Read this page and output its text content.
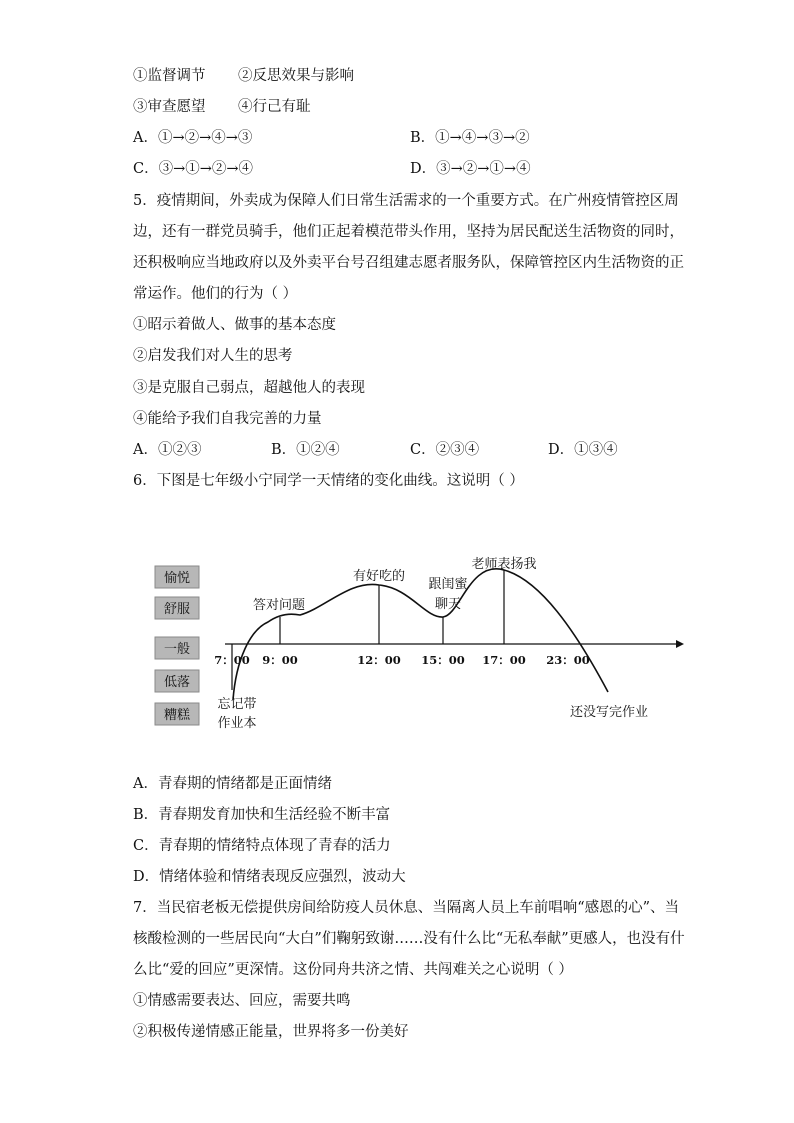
①监督调节 ②反思效果与影响
③审查愿望 ④行己有耻
A．①→②→④→③	B．①→④→③→②
C．③→①→②→④	D．③→②→①→④
5．疫情期间，外卖成为保障人们日常生活需求的一个重要方式。在广州疫情管控区周
边，还有一群党员骑手，他们正起着模范带头作用，坚持为居民配送生活物资的同时，
还积极响应当地政府以及外卖平台号召组建志愿者服务队，保障管控区内生活物资的正
常运作。他们的行为（ ）
①昭示着做人、做事的基本态度
②启发我们对人生的思考
③是克服自己弱点，超越他人的表现
④能给予我们自我完善的力量
A．①②③	B．①②④	C．②③④	D．①③④
6．下图是七年级小宁同学一天情绪的变化曲线。这说明（ ）
愉悦
舒服
一般
低落
糟糕
7：00 9：00	12：00 15：00 17：00 23：00
忘记带
作业本
答对问题
有好吃的
跟闺蜜
聊天
老师表扬我
还没写完作业
A．青春期的情绪都是正面情绪
B．青春期发育加快和生活经验不断丰富
C．青春期的情绪特点体现了青春的活力
D．情绪体验和情绪表现反应强烈，波动大
7．当民宿老板无偿提供房间给防疫人员休息、当隔离人员上车前唱响“感恩的心”、当
核酸检测的一些居民向“大白”们鞠躬致谢……没有什么比“无私奉献”更感人，也没有什
么比“爱的回应”更深情。这份同舟共济之情、共闯难关之心说明（ ）
①情感需要表达、回应，需要共鸣
②积极传递情感正能量，世界将多一份美好
